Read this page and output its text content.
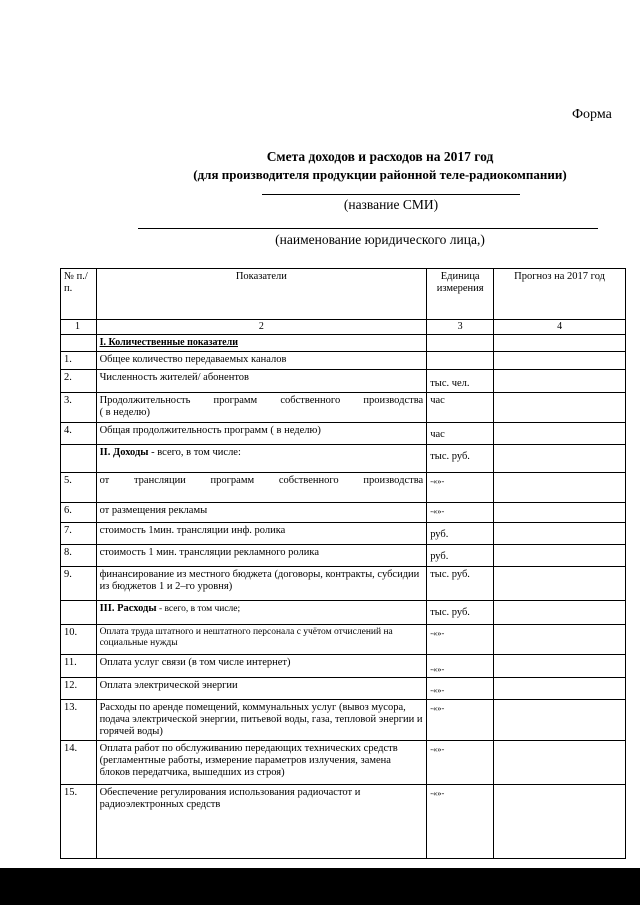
Форма
Смета доходов и расходов на 2017 год
(для производителя продукции районной теле-радиокомпании)
(название СМИ)
(наименование юридического лица,)
№ п./п.	Показатели	Единица измерения	Прогноз на 2017 год
1	2	3	4
	I. Количественные показатели		
1.	Общее количество передаваемых каналов		
2.	Численность жителей/ абонентов	тыс. чел.	
3.	Продолжительность программ собственного производства
( в неделю)	час	
4.	Общая продолжительность программ ( в неделю)	час	
	II. Доходы - всего, в том числе:	тыс. руб.	
5.	от трансляции программ собственного производства	-«»-	
6.	от размещения рекламы	-«»-	
7.	стоимость 1мин. трансляции инф. ролика	руб.	
8.	стоимость 1 мин. трансляции рекламного ролика	руб.	
9.	финансирование из местного бюджета (договоры, контракты, субсидии из бюджетов 1 и 2–го уровня)	тыс. руб.	
	III. Расходы - всего, в том числе;	тыс. руб.	
10.	Оплата труда штатного и нештатного персонала с учётом отчислений на социальные нужды	-«»-	
11.	Оплата услуг связи (в том числе интернет)	-«»-	
12.	Оплата электрической энергии	-«»-	
13.	Расходы по аренде помещений, коммунальных услуг (вывоз мусора, подача электрической энергии, питьевой воды, газа, тепловой энергии и горячей воды)	-«»-	
14.	Оплата работ по обслуживанию передающих технических средств (регламентные работы, измерение параметров излучения, замена блоков передатчика, вышедших из строя)	-«»-	
15.	Обеспечение регулирования использования радиочастот и радиоэлектронных средств	-«»-	
